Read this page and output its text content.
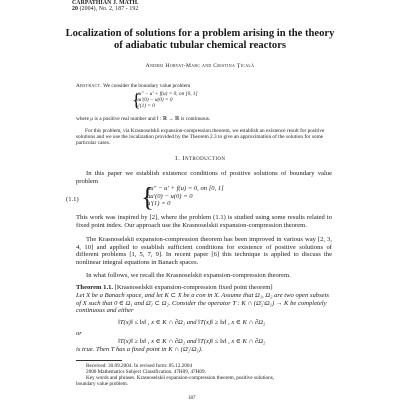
CARPATHIAN J. MATH.
20 (2004), No. 2, 187 - 192
Localization of solutions for a problem arising in the theory of adiabatic tubular chemical reactors
Andrei Horvat-Marc and Cristina Ţicală
Abstract. We consider the boundary value problem
{
μu″ − u′ + f(u) = 0, on [0, 1]
μu′(0) − u(0) = 0
u′(1) = 0
where μ is a positive real number and f : ℝ → ℝ is continuous.
For this problem, via Krasnoselskii expansion-compression theorem, we establish an existence result for positive solutions and we use the localization provided by the Theorem 2.3 to give an approximation of the solution for some particular cases.
1. Introduction
In this paper we establish existence conditions of positive solutions of boundary value problem
(1.1) {
μu″ − u′ + f(u) = 0, on [0, 1]
μu′(0) − u(0) = 0
u′(1) = 0
This work was inspired by [2], where the problem (1.1) is studied using some results related to fixed point index. Our approach use the Krasnoselskii expansion-compression theorem.
The Krasnoselskii expansion-compression theorem has been improved in various way [2, 3, 4, 10] and applied to establish sufficient conditions for existence of positive solutions of different problems [1, 5, 7, 9]. In recent paper [6] this technique is applied to discuss the nonlinear integral equations in Banach spaces.
In what follows, we recall the Krasnoselskii expansion-compression theorem.
Theorem 1.1. [Krasnoselskii expansion-compression fixed point theorem]
Let X be a Banach space, and let K ⊂ X be a con in X. Assume that Ω₁, Ω₂ are two open subsets of X such that 0 ∈ Ω₁ and Ω̄₁ ⊂ Ω₂. Consider the operator T : K ∩ (Ω̄₂\Ω₁) → K be completely continuous and either
‖T(x)‖ ≤ ‖x‖ , x ∈ K ∩ ∂Ω₁ and ‖T(x)‖ ≥ ‖x‖ , x ∈ K ∩ ∂Ω₂
or
‖T(x)‖ ≥ ‖x‖ , x ∈ K ∩ ∂Ω₁ and ‖T(x)‖ ≤ ‖x‖ , x ∈ K ∩ ∂Ω₂
is true. Then T has a fixed point in K ∩ (Ω̄₂\Ω₁).
Received: 30.09.2004. In revised form: 05.12.2004
2000 Mathematics Subject Classification. 47H09, 47H09.
Key words and phrases. Krasnoselskii expansion-compression theorem, positive solutions,
boundary value problem.
187
